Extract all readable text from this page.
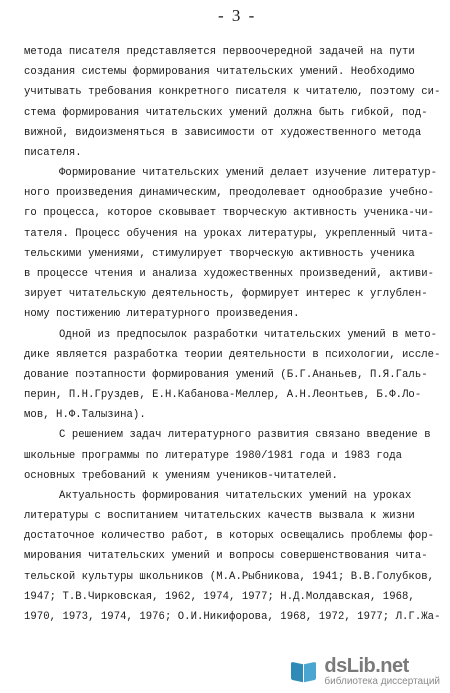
- 3 -
метода писателя представляется первоочередной задачей на пути
создания системы формирования читательских умений. Необходимо
учитывать требования конкретного писателя к читателю, поэтому си-
стема формирования читательских умений должна быть гибкой, под-
вижной, видоизменяться в зависимости от художественного метода
писателя.
Формирование читательских умений делает изучение литератур-
ного произведения динамическим, преодолевает однообразие учебно-
го процесса, которое сковывает творческую активность ученика-чи-
тателя. Процесс обучения на уроках литературы, укрепленный чита-
тельскими умениями, стимулирует творческую активность ученика
в процессе чтения и анализа художественных произведений, активи-
зирует читательскую деятельность, формирует интерес к углублен-
ному постижению литературного произведения.
Одной из предпосылок разработки читательских умений в мето-
дике является разработка теории деятельности в психологии, иссле-
дование поэтапности формирования умений (Б.Г.Ананьев, П.Я.Галь-
перин, П.Н.Груздев, Е.Н.Кабанова-Меллер, А.Н.Леонтьев, Б.Ф.Ло-
мов, Н.Ф.Талызина).
С решением задач литературного развития связано введение в
школьные программы по литературе 1980/1981 года и 1983 года
основных требований к умениям учеников-читателей.
Актуальность формирования читательских умений на уроках
литературы с воспитанием читательских качеств вызвала к жизни
достаточное количество работ, в которых освещались проблемы фор-
мирования читательских умений и вопросы совершенствования чита-
тельской культуры школьников (М.А.Рыбникова, 1941; В.В.Голубков,
1947; Т.В.Чирковская, 1962, 1974, 1977; Н.Д.Молдавская, 1968,
1970, 1973, 1974, 1976; О.И.Никифорова, 1968, 1972, 1977; Л.Г.Жа-
dsLib.net
библиотека диссертаций
